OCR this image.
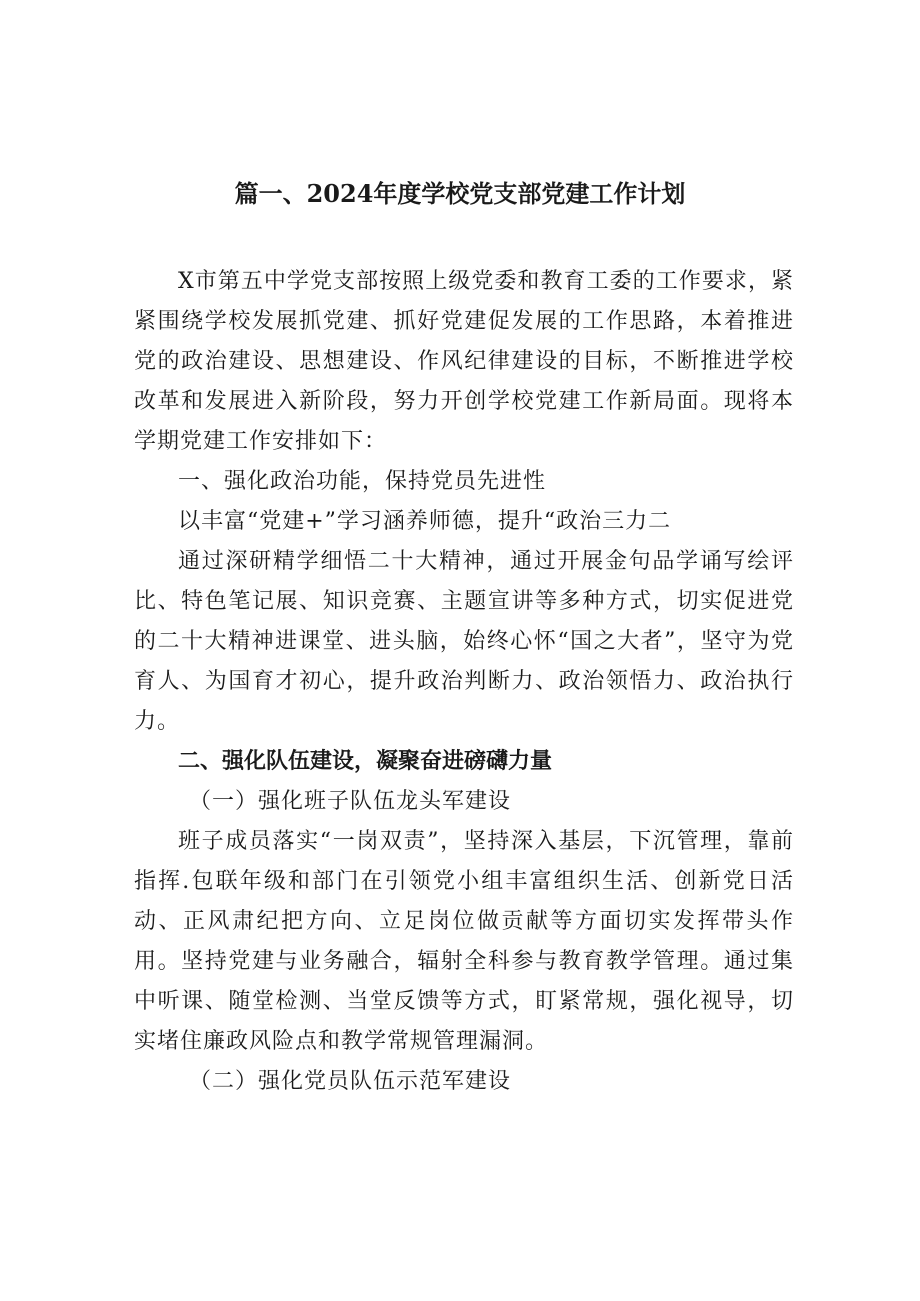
篇一、2024年度学校党支部党建工作计划

X市第五中学党支部按照上级党委和教育工委的工作要求，紧紧围绕学校发展抓党建、抓好党建促发展的工作思路，本着推进党的政治建设、思想建设、作风纪律建设的目标，不断推进学校改革和发展进入新阶段，努力开创学校党建工作新局面。现将本学期党建工作安排如下：

一、强化政治功能，保持党员先进性

以丰富“党建+”学习涵养师德，提升“政治三力二

通过深研精学细悟二十大精神，通过开展金句品学诵写绘评比、特色笔记展、知识竞赛、主题宣讲等多种方式，切实促进党的二十大精神进课堂、进头脑，始终心怀“国之大者”，坚守为党育人、为国育才初心，提升政治判断力、政治领悟力、政治执行力。

二、强化队伍建设，凝聚奋进磅礴力量

（一）强化班子队伍龙头军建设

班子成员落实“一岗双责”，坚持深入基层，下沉管理，靠前指挥.包联年级和部门在引领党小组丰富组织生活、创新党日活动、正风肃纪把方向、立足岗位做贡献等方面切实发挥带头作用。坚持党建与业务融合，辐射全科参与教育教学管理。通过集中听课、随堂检测、当堂反馈等方式，盯紧常规，强化视导，切实堵住廉政风险点和教学常规管理漏洞。

（二）强化党员队伍示范军建设
